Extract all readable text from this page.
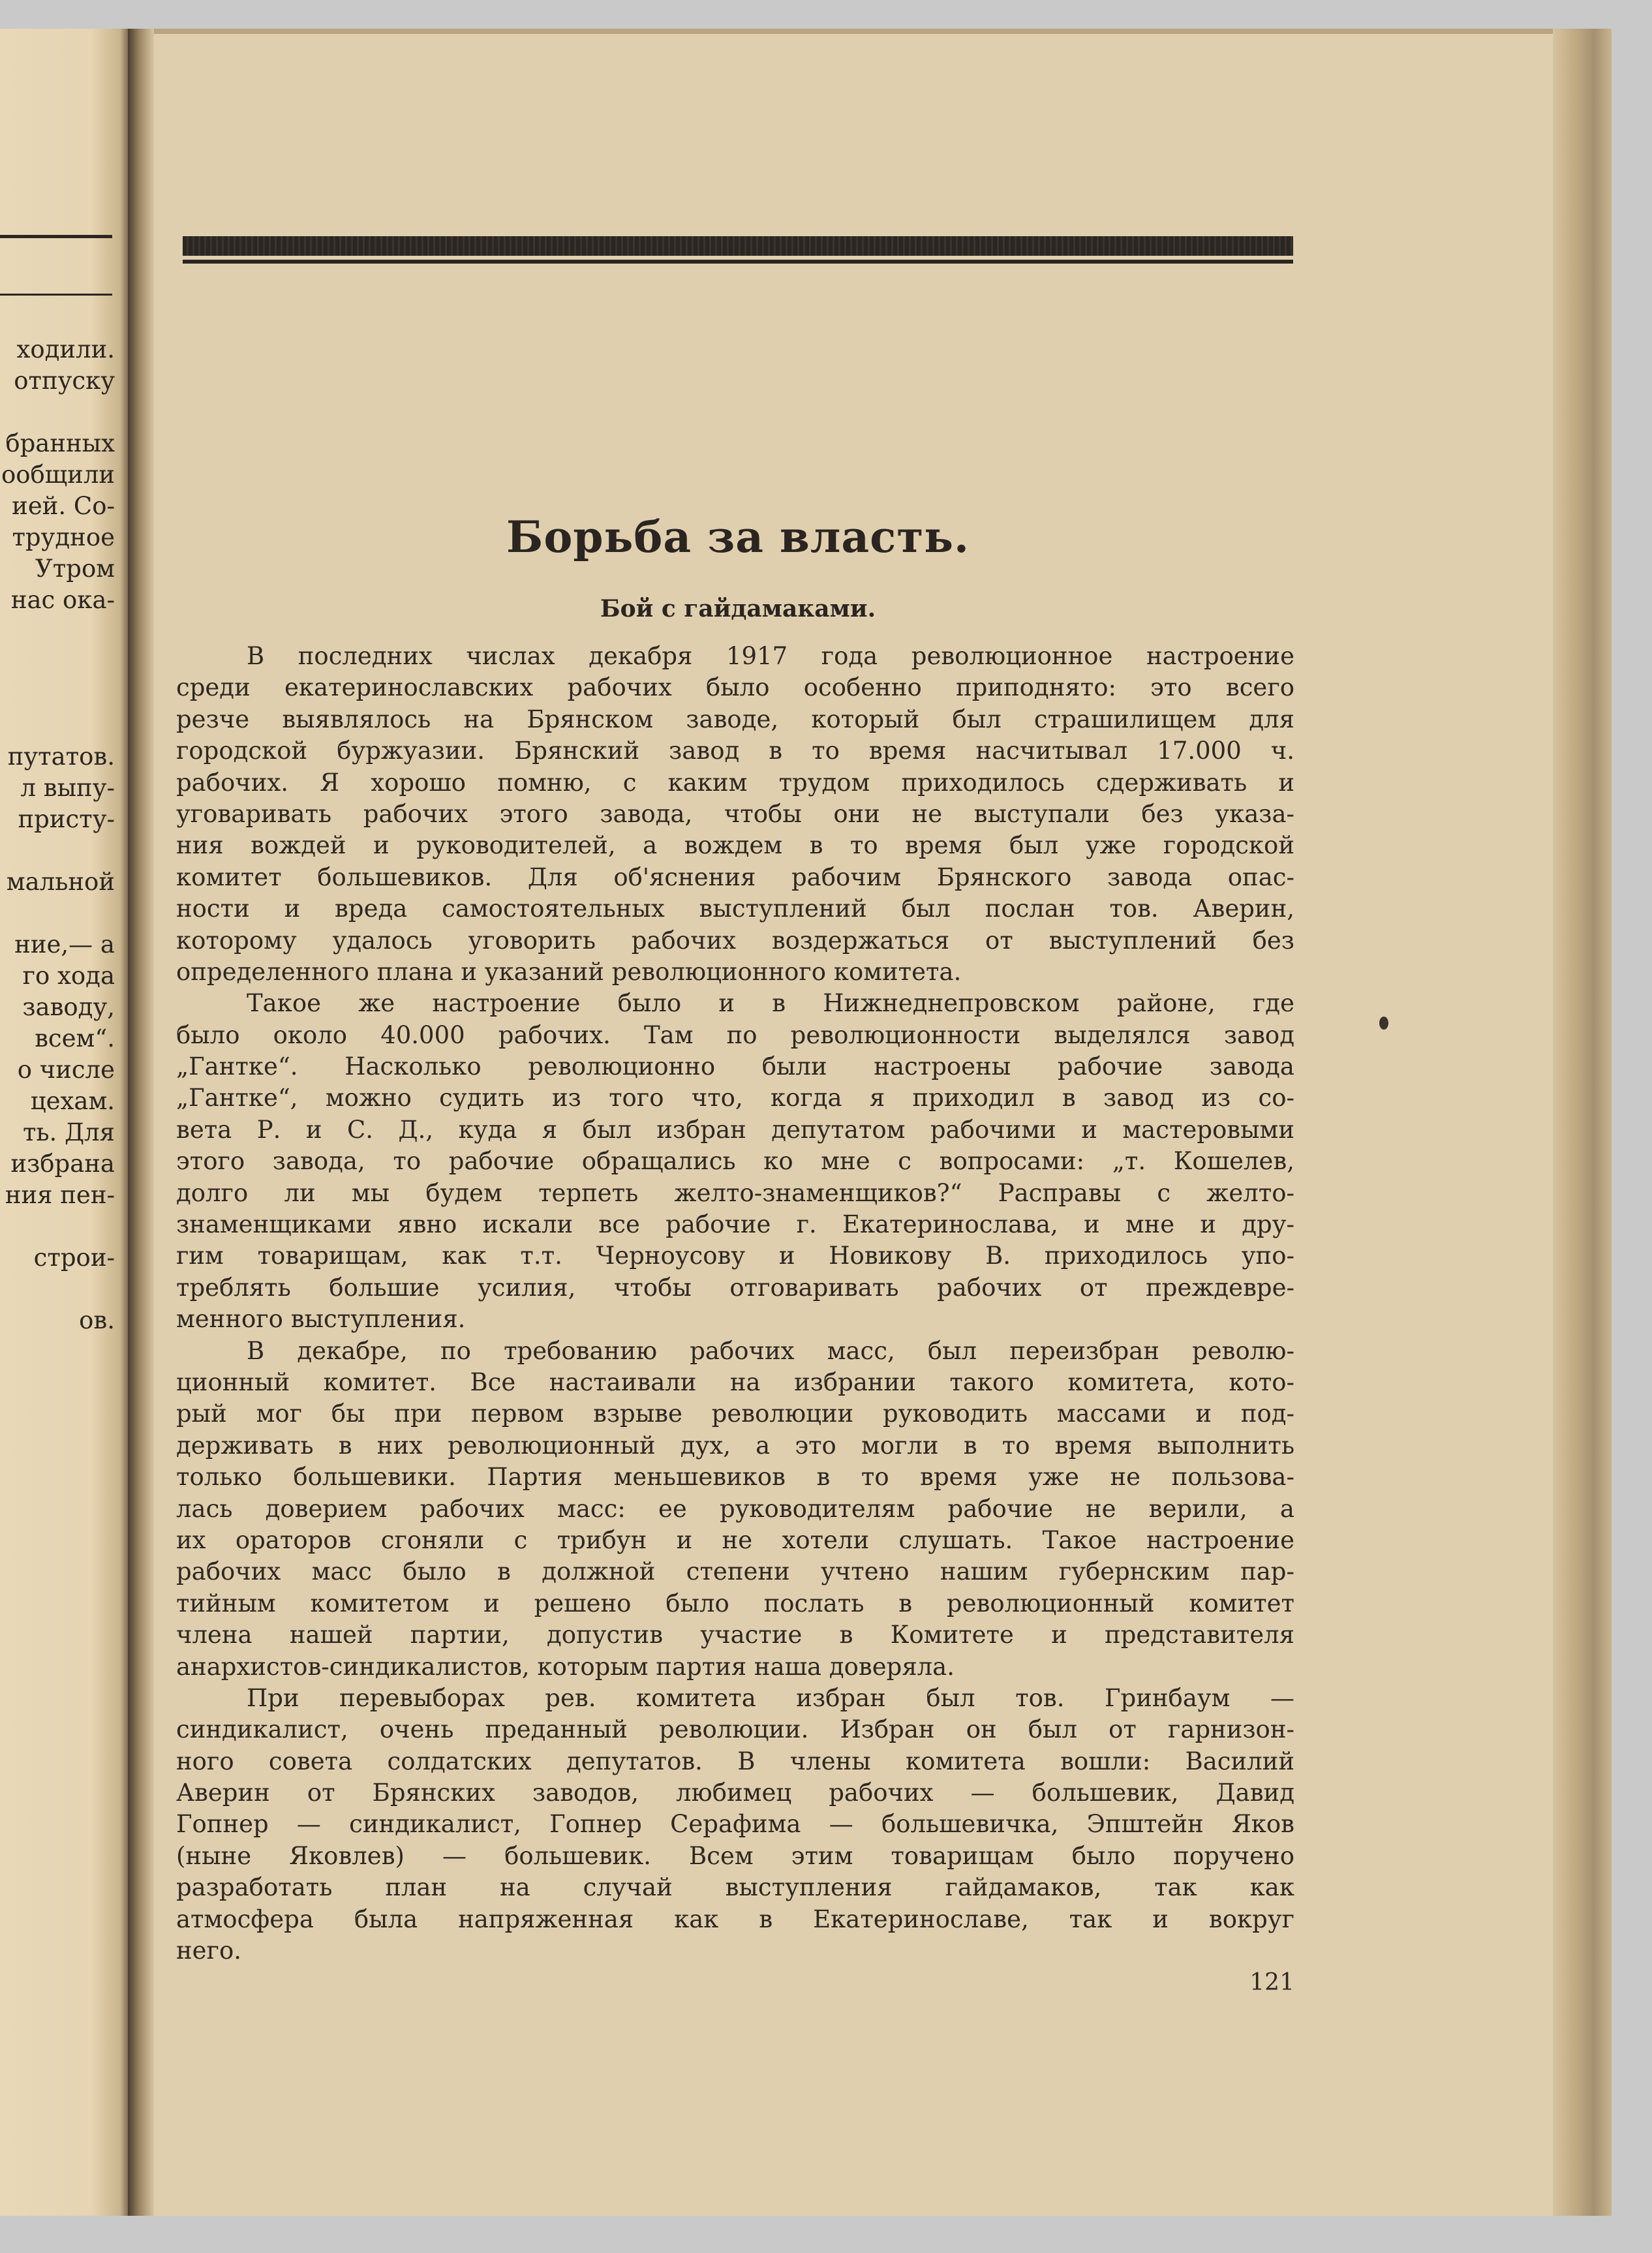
ходили.
отпуску
бранных
ообщили
ией. Со-
трудное
Утром
нас ока-
путатов.
л выпу-
присту-
мальной
ние,— а
го хода
заводу,
всем“.
о числе
цехам.
ть. Для
избрана
ния пен-
строи-
ов.
Борьба за власть.
Бой с гайдамаками.
В последних числах декабря 1917 года революционное настроение
среди екатеринославских рабочих было особенно приподнято: это всего
резче выявлялось на Брянском заводе, который был страшилищем для
городской буржуазии. Брянский завод в то время насчитывал 17.000 ч.
рабочих. Я хорошо помню, с каким трудом приходилось сдерживать и
уговаривать рабочих этого завода, чтобы они не выступали без указа-
ния вождей и руководителей, а вождем в то время был уже городской
комитет большевиков. Для об'яснения рабочим Брянского завода опас-
ности и вреда самостоятельных выступлений был послан тов. Аверин,
которому удалось уговорить рабочих воздержаться от выступлений без
определенного плана и указаний революционного комитета.
Такое же настроение было и в Нижнеднепровском районе, где
было около 40.000 рабочих. Там по революционности выделялся завод
„Гантке“. Насколько революционно были настроены рабочие завода
„Гантке“, можно судить из того что, когда я приходил в завод из со-
вета Р. и С. Д., куда я был избран депутатом рабочими и мастеровыми
этого завода, то рабочие обращались ко мне с вопросами: „т. Кошелев,
долго ли мы будем терпеть желто-знаменщиков?“ Расправы с желто-
знаменщиками явно искали все рабочие г. Екатеринослава, и мне и дру-
гим товарищам, как т.т. Черноусову и Новикову В. приходилось упо-
треблять большие усилия, чтобы отговаривать рабочих от преждевре-
менного выступления.
В декабре, по требованию рабочих масс, был переизбран револю-
ционный комитет. Все настаивали на избрании такого комитета, кото-
рый мог бы при первом взрыве революции руководить массами и под-
держивать в них революционный дух, а это могли в то время выполнить
только большевики. Партия меньшевиков в то время уже не пользова-
лась доверием рабочих масс: ее руководителям рабочие не верили, а
их ораторов сгоняли с трибун и не хотели слушать. Такое настроение
рабочих масс было в должной степени учтено нашим губернским пар-
тийным комитетом и решено было послать в революционный комитет
члена нашей партии, допустив участие в Комитете и представителя
анархистов-синдикалистов, которым партия наша доверяла.
При перевыборах рев. комитета избран был тов. Гринбаум —
синдикалист, очень преданный революции. Избран он был от гарнизон-
ного совета солдатских депутатов. В члены комитета вошли: Василий
Аверин от Брянских заводов, любимец рабочих — большевик, Давид
Гопнер — синдикалист, Гопнер Серафима — большевичка, Эпштейн Яков
(ныне Яковлев) — большевик. Всем этим товарищам было поручено
разработать план на случай выступления гайдамаков, так как
атмосфера была напряженная как в Екатеринославе, так и вокруг
него.
121
